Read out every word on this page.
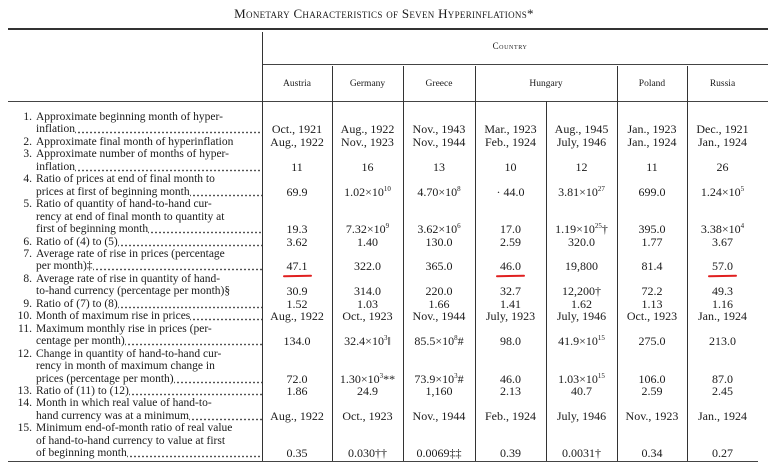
Monetary Characteristics of Seven Hyperinflations*
Country
Austria	Germany	Greece	Hungary	Poland	Russia
1. Approximate beginning month of hyper-
inflation	Oct., 1921	Aug., 1922	Nov., 1943	Mar., 1923	Aug., 1945	Jan., 1923	Dec., 1921

2. Approximate final month of hyperinflation	Aug., 1922	Nov., 1923	Nov., 1944	Feb., 1924	July, 1946	Jan., 1924	Jan., 1924

3. Approximate number of months of hyper-
inflation	11	16	13	10	12	11	26

4. Ratio of prices at end of final month to
prices at first of beginning month	69.9	$1.02\times 10^{10}$	$4.70\times 10^8$	· 44.0	$3.81\times 10^{27}$	699.0	$1.24\times 10^5$

5. Ratio of quantity of hand-to-hand cur-
rency at end of final month to quantity at
first of beginning month	19.3	$7.32\times 10^9$	$3.62\times 10^6$	17.0	$1.19\times 10^{25}\dagger$	395.0	$3.38\times 10^4$

6. Ratio of (4) to (5)	3.62	1.40	130.0	2.59	320.0	1.77	3.67

7. Average rate of rise in prices (percentage
per month)‡	47.1	322.0	365.0	46.0	19,800	81.4	57.0

8. Average rate of rise in quantity of hand-
to-hand currency (percentage per month)§	30.9	314.0	220.0	32.7	12,200†	72.2	49.3

9. Ratio of (7) to (8)	1.52	1.03	1.66	1.41	1.62	1.13	1.16

10. Month of maximum rise in prices	Aug., 1922	Oct., 1923	Nov., 1944	July, 1923	July, 1946	Oct., 1923	Jan., 1924

11. Maximum monthly rise in prices (per-
centage per month)	134.0	$32.4\times 10^3‖$	$85.5\times 10^8\#$	98.0	$41.9\times 10^{15}$	275.0	213.0

12. Change in quantity of hand-to-hand cur-
rency in month of maximum change in
prices (percentage per month)	72.0	$1.30\times 10^3**$	$73.9\times 10^3\#$	46.0	$1.03\times 10^{15}$	106.0	87.0

13. Ratio of (11) to (12)	1.86	24.9	1,160	2.13	40.7	2.59	2.45

14. Month in which real value of hand-to-
hand currency was at a minimum	Aug., 1922	Oct., 1923	Nov., 1944	Feb., 1924	July, 1946	Nov., 1923	Jan., 1924

15. Minimum end-of-month ratio of real value
of hand-to-hand currency to value at first
of beginning month	0.35	0.030††	0.0069‡‡	0.39	0.0031†	0.34	0.27
